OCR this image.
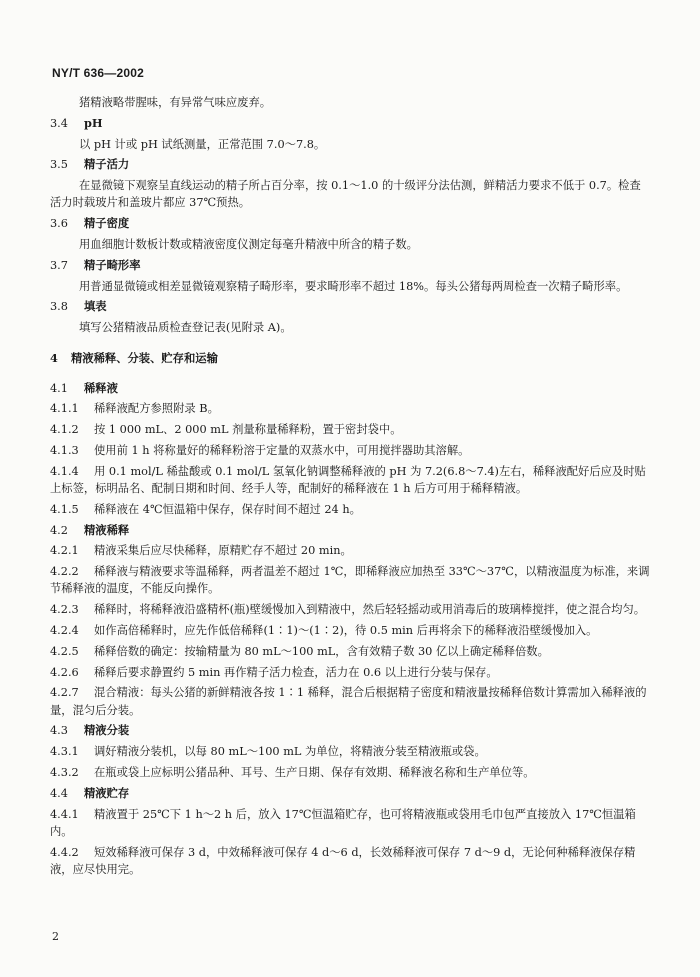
NY/T 636—2002

猪精液略带腥味，有异常气味应废弃。

3.4 pH

以 pH 计或 pH 试纸测量，正常范围 7.0～7.8。

3.5 精子活力

在显微镜下观察呈直线运动的精子所占百分率，按 0.1～1.0 的十级评分法估测，鲜精活力要求不低于 0.7。检查活力时载玻片和盖玻片都应 37℃预热。

3.6 精子密度

用血细胞计数板计数或精液密度仪测定每毫升精液中所含的精子数。

3.7 精子畸形率

用普通显微镜或相差显微镜观察精子畸形率，要求畸形率不超过 18%。每头公猪每两周检查一次精子畸形率。

3.8 填表

填写公猪精液品质检查登记表(见附录 A)。

4 精液稀释、分装、贮存和运输
4.1 稀释液
4.1.1 稀释液配方参照附录 B。
4.1.2 按 1 000 mL、2 000 mL 剂量称量稀释粉，置于密封袋中。
4.1.3 使用前 1 h 将称量好的稀释粉溶于定量的双蒸水中，可用搅拌器助其溶解。
4.1.4 用 0.1 mol/L 稀盐酸或 0.1 mol/L 氢氧化钠调整稀释液的 pH 为 7.2(6.8～7.4)左右，稀释液配好后应及时贴上标签，标明品名、配制日期和时间、经手人等，配制好的稀释液在 1 h 后方可用于稀释精液。
4.1.5 稀释液在 4℃恒温箱中保存，保存时间不超过 24 h。
4.2 精液稀释
4.2.1 精液采集后应尽快稀释，原精贮存不超过 20 min。
4.2.2 稀释液与精液要求等温稀释，两者温差不超过 1℃，即稀释液应加热至 33℃～37℃，以精液温度为标准，来调节稀释液的温度，不能反向操作。
4.2.3 稀释时，将稀释液沿盛精杯(瓶)壁缓慢加入到精液中，然后轻轻摇动或用消毒后的玻璃棒搅拌，使之混合均匀。
4.2.4 如作高倍稀释时，应先作低倍稀释(1∶1)～(1∶2)，待 0.5 min 后再将余下的稀释液沿壁缓慢加入。
4.2.5 稀释倍数的确定：按输精量为 80 mL～100 mL，含有效精子数 30 亿以上确定稀释倍数。
4.2.6 稀释后要求静置约 5 min 再作精子活力检查，活力在 0.6 以上进行分装与保存。
4.2.7 混合精液：每头公猪的新鲜精液各按 1∶1 稀释，混合后根据精子密度和精液量按稀释倍数计算需加入稀释液的量，混匀后分装。
4.3 精液分装
4.3.1 调好精液分装机，以每 80 mL～100 mL 为单位，将精液分装至精液瓶或袋。
4.3.2 在瓶或袋上应标明公猪品种、耳号、生产日期、保存有效期、稀释液名称和生产单位等。
4.4 精液贮存
4.4.1 精液置于 25℃下 1 h～2 h 后，放入 17℃恒温箱贮存，也可将精液瓶或袋用毛巾包严直接放入 17℃恒温箱内。
4.4.2 短效稀释液可保存 3 d，中效稀释液可保存 4 d～6 d，长效稀释液可保存 7 d～9 d，无论何种稀释液保存精液，应尽快用完。
2
